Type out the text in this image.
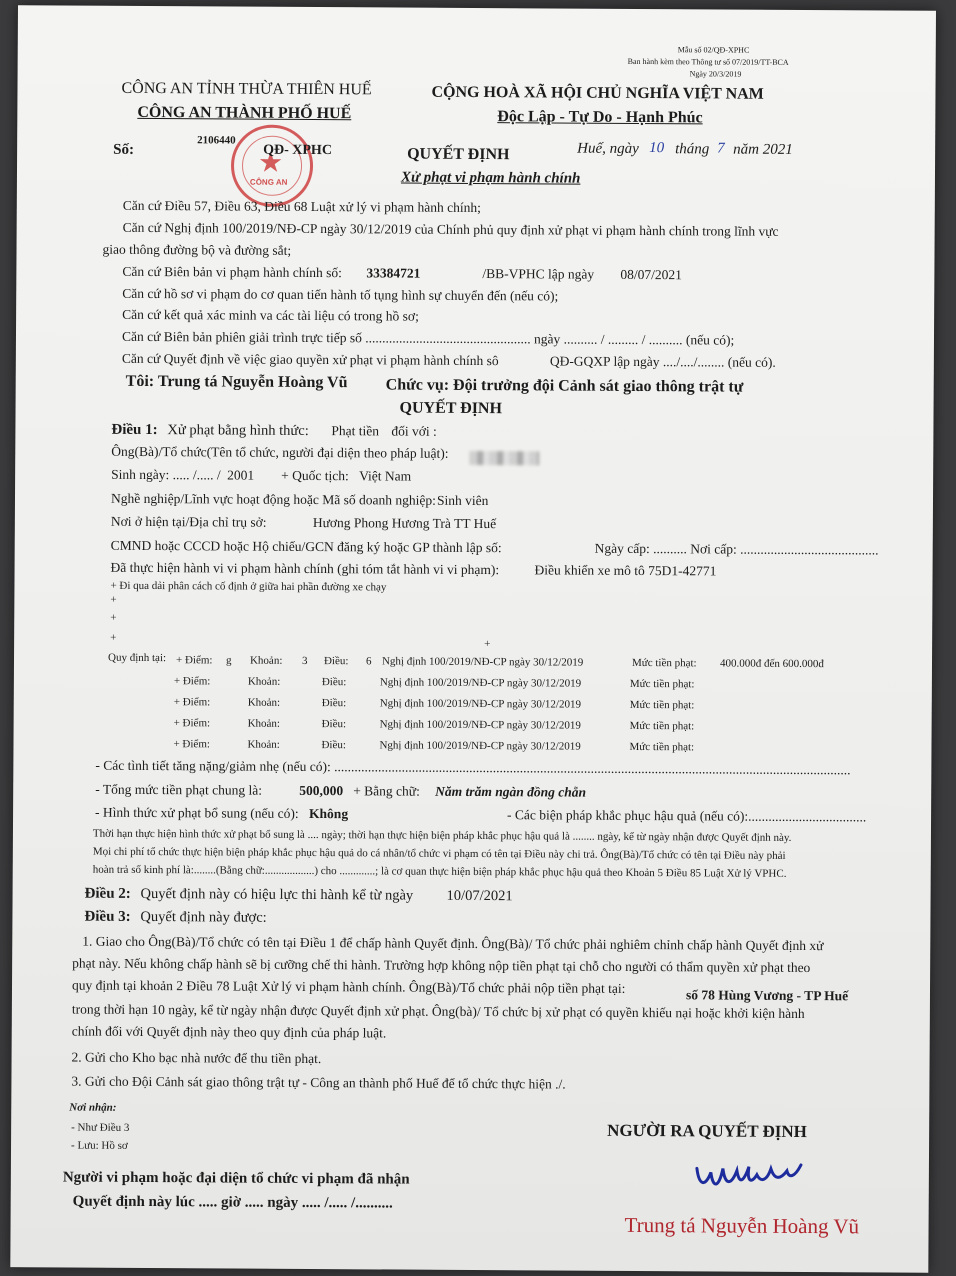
Mẫu số 02/QĐ-XPHC
Ban hành kèm theo Thông tư số 07/2019/TT-BCA
Ngày 20/3/2019
CÔNG AN TỈNH THỪA THIÊN HUẾ
CÔNG AN THÀNH PHỐ HUẾ
CỘNG HOÀ XÃ HỘI CHỦ NGHĨA VIỆT NAM
Độc Lập - Tự Do - Hạnh Phúc
★
CÔNG AN
Số:
2106440
QĐ- XPHC	QUYẾT ĐỊNH	Huế, ngày 10 tháng 7 năm 2021
Xử phạt vi phạm hành chính
Căn cứ Điều 57, Điều 63, Điều 68 Luật xử lý vi phạm hành chính;
Căn cứ Nghị định 100/2019/NĐ-CP ngày 30/12/2019 của Chính phủ quy định xử phạt vi phạm hành chính trong lĩnh vực
giao thông đường bộ và đường sắt;
Căn cứ Biên bản vi phạm hành chính số: 33384721	/BB-VPHC lập ngày 08/07/2021
Căn cứ hồ sơ vi phạm do cơ quan tiến hành tố tụng hình sự chuyển đến (nếu có);
Căn cứ kết quả xác minh va các tài liệu có trong hồ sơ;
Căn cứ Biên bản phiên giải trình trực tiếp số ................................................. ngày .......... / ......... / .......... (nếu có);
Căn cứ Quyết định về việc giao quyền xử phạt vi phạm hành chính sô	QĐ-GQXP lập ngày ..../..../........ (nếu có).
Tôi: Trung tá Nguyễn Hoàng Vũ Chức vụ: Đội trưởng đội Cảnh sát giao thông trật tự
QUYẾT ĐỊNH
Điều 1: Xử phạt bằng hình thức: Phạt tiền đối với :
Ông(Bà)/Tổ chức(Tên tổ chức, người đại diện theo pháp luật):
Sinh ngày: ..... /..... / 2001 + Quốc tịch: Việt Nam
Nghề nghiệp/Lĩnh vực hoạt động hoặc Mã số doanh nghiệp: Sinh viên
Nơi ở hiện tại/Địa chỉ trụ sở:	Hương Phong Hương Trà TT Huế
CMND hoặc CCCD hoặc Hộ chiếu/GCN đăng ký hoặc GP thành lập số:	Ngày cấp: .......... Nơi cấp: .........................................
Đã thực hiện hành vi vi phạm hành chính (ghi tóm tắt hành vi vi phạm):	Điều khiển xe mô tô 75D1-42771
+ Đi qua dải phân cách cố định ở giữa hai phần đường xe chạy
+
+
+
+
Quy định tại: + Điểm: g Khoản: 3 Điều: 6 Nghị định 100/2019/NĐ-CP ngày 30/12/2019	Mức tiền phạt: 400.000đ đến 600.000đ
+ Điểm:	Khoản:	Điều:	Nghị định 100/2019/NĐ-CP ngày 30/12/2019	Mức tiền phạt:
+ Điểm:	Khoản:	Điều:	Nghị định 100/2019/NĐ-CP ngày 30/12/2019	Mức tiền phạt:
+ Điểm:	Khoản:	Điều:	Nghị định 100/2019/NĐ-CP ngày 30/12/2019	Mức tiền phạt:
+ Điểm:	Khoản:	Điều:	Nghị định 100/2019/NĐ-CP ngày 30/12/2019	Mức tiền phạt:
- Các tình tiết tăng nặng/giảm nhẹ (nếu có): .........................................................................................................................................................
- Tổng mức tiền phạt chung là:	500,000 + Bằng chữ: Năm trăm ngàn đồng chẵn
- Hình thức xử phạt bổ sung (nếu có): Không	- Các biện pháp khắc phục hậu quả (nếu có):...................................
Thời hạn thực hiện hình thức xử phạt bổ sung là .... ngày; thời hạn thực hiện biện pháp khắc phục hậu quả là ........ ngày, kể từ ngày nhận được Quyết định này.
Mọi chi phí tổ chức thực hiện biện pháp khắc phục hậu quả do cá nhân/tổ chức vi phạm có tên tại Điều này chi trả. Ông(Bà)/Tổ chức có tên tại Điều này phải
hoàn trả số kinh phí là:........(Bằng chữ:..................) cho .............; là cơ quan thực hiện biện pháp khắc phục hậu quả theo Khoản 5 Điều 85 Luật Xử lý VPHC.
Điều 2: Quyết định này có hiệu lực thi hành kể từ ngày 10/07/2021
Điều 3: Quyết định này được:
1. Giao cho Ông(Bà)/Tổ chức có tên tại Điều 1 để chấp hành Quyết định. Ông(Bà)/ Tổ chức phải nghiêm chỉnh chấp hành Quyết định xử
phạt này. Nếu không chấp hành sẽ bị cưỡng chế thi hành. Trường hợp không nộp tiền phạt tại chỗ cho người có thẩm quyền xử phạt theo
quy định tại khoản 2 Điều 78 Luật Xử lý vi phạm hành chính. Ông(Bà)/Tổ chức phải nộp tiền phạt tại:	số 78 Hùng Vương - TP Huế
trong thời hạn 10 ngày, kể từ ngày nhận được Quyết định xử phạt. Ông(bà)/ Tổ chức bị xử phạt có quyền khiếu nại hoặc khởi kiện hành
chính đối với Quyết định này theo quy định của pháp luật.
2. Gửi cho Kho bạc nhà nước để thu tiền phạt.
3. Gửi cho Đội Cảnh sát giao thông trật tự - Công an thành phố Huế để tổ chức thực hiện ./.
Nơi nhận:
- Như Điều 3
- Lưu: Hồ sơ
NGƯỜI RA QUYẾT ĐỊNH
Người vi phạm hoặc đại diện tổ chức vi phạm đã nhận
Quyết định này lúc ..... giờ ..... ngày ..... /..... /..........
Trung tá Nguyễn Hoàng Vũ
